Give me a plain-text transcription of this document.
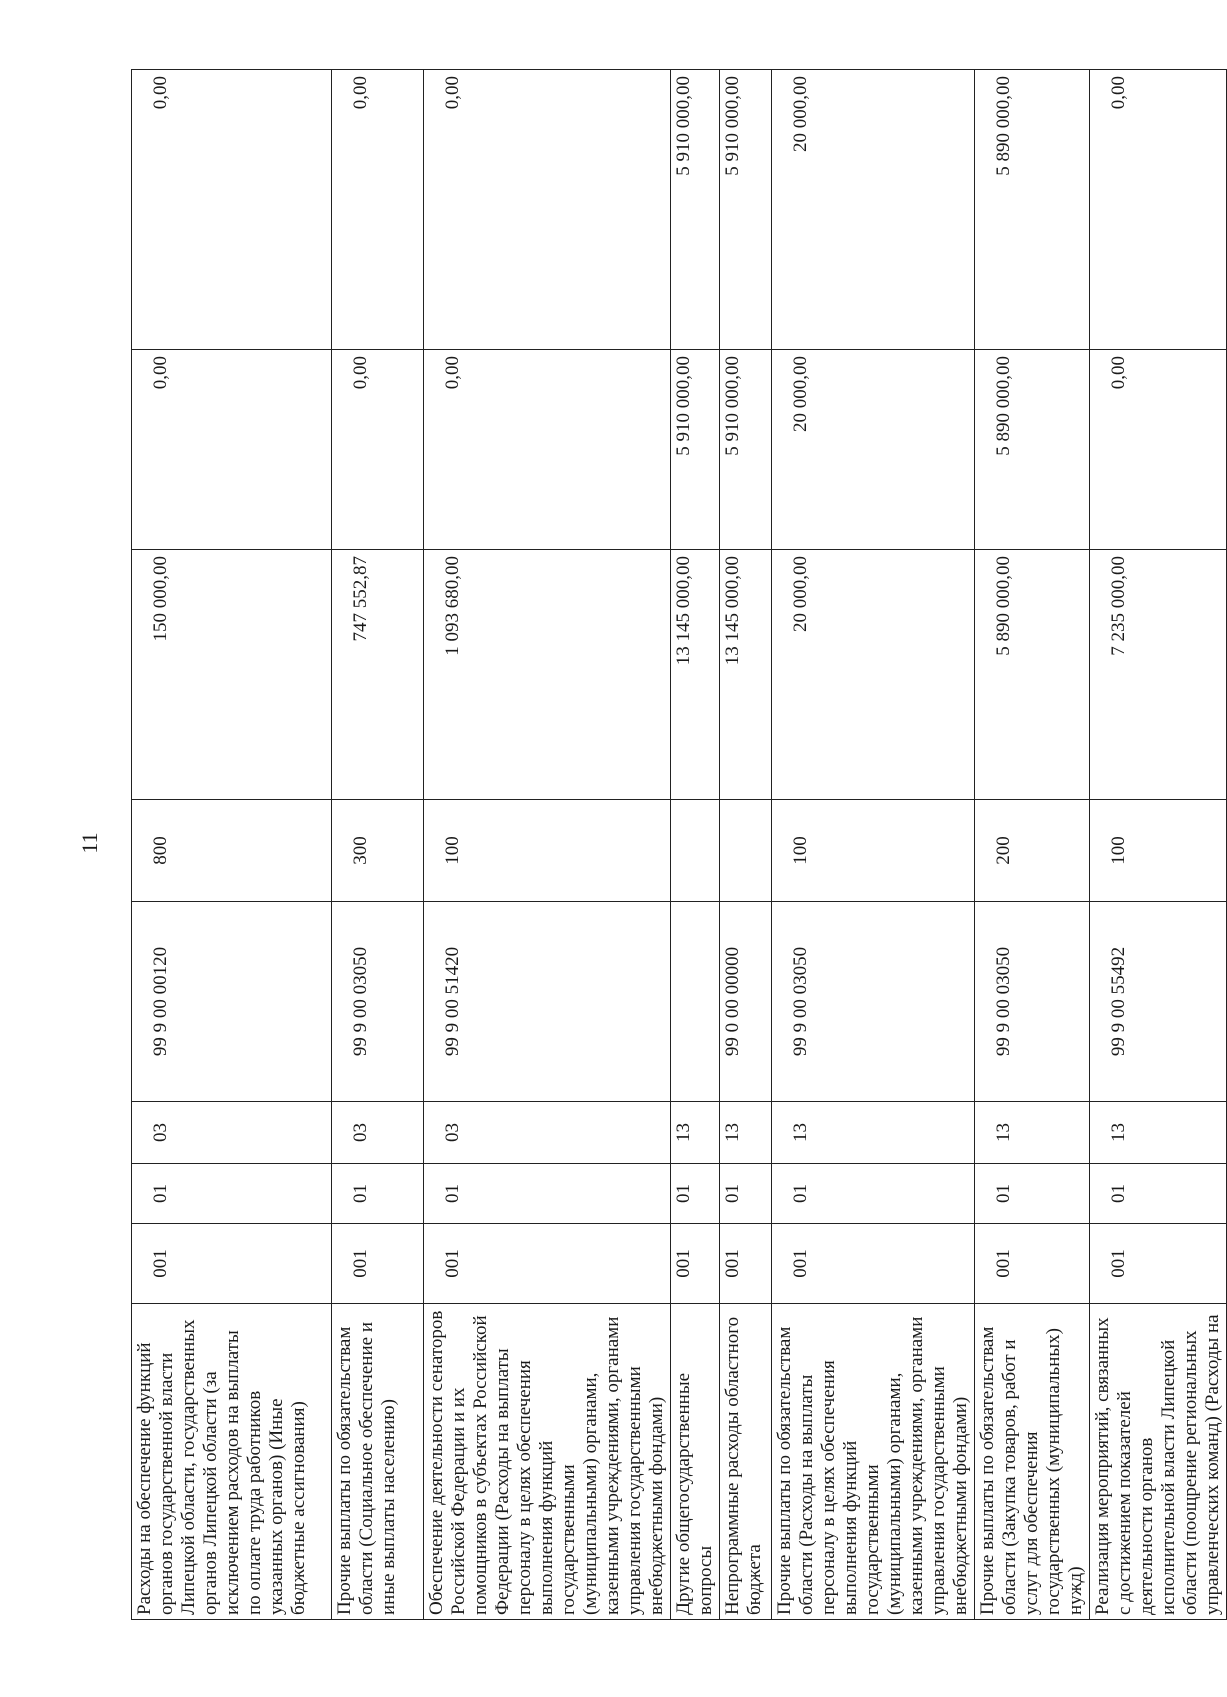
11
Расходы на обеспечение функций органов государственной власти Липецкой области, государственных органов Липецкой области (за исключением расходов на выплаты по оплате труда работников указанных органов) (Иные бюджетные ассигнования)	001	01	03	99 9 00 00120	800	150 000,00	0,00	0,00
Прочие выплаты по обязательствам области (Социальное обеспечение и иные выплаты населению)	001	01	03	99 9 00 03050	300	747 552,87	0,00	0,00
Обеспечение деятельности сенаторов Российской Федерации и их помощников в субъектах Российской Федерации (Расходы на выплаты персоналу в целях обеспечения выполнения функций государственными (муниципальными) органами, казенными учреждениями, органами управления государственными внебюджетными фондами)	001	01	03	99 9 00 51420	100	1 093 680,00	0,00	0,00
Другие общегосударственные вопросы	001	01	13			13 145 000,00	5 910 000,00	5 910 000,00
Непрограммные расходы областного бюджета	001	01	13	99 0 00 00000		13 145 000,00	5 910 000,00	5 910 000,00
Прочие выплаты по обязательствам области (Расходы на выплаты персоналу в целях обеспечения выполнения функций государственными (муниципальными) органами, казенными учреждениями, органами управления государственными внебюджетными фондами)	001	01	13	99 9 00 03050	100	20 000,00	20 000,00	20 000,00
Прочие выплаты по обязательствам области (Закупка товаров, работ и услуг для обеспечения государственных (муниципальных) нужд)	001	01	13	99 9 00 03050	200	5 890 000,00	5 890 000,00	5 890 000,00
Реализация мероприятий, связанных с достижением показателей деятельности органов исполнительной власти Липецкой области (поощрение региональных управленческих команд) (Расходы на	001	01	13	99 9 00 55492	100	7 235 000,00	0,00	0,00
